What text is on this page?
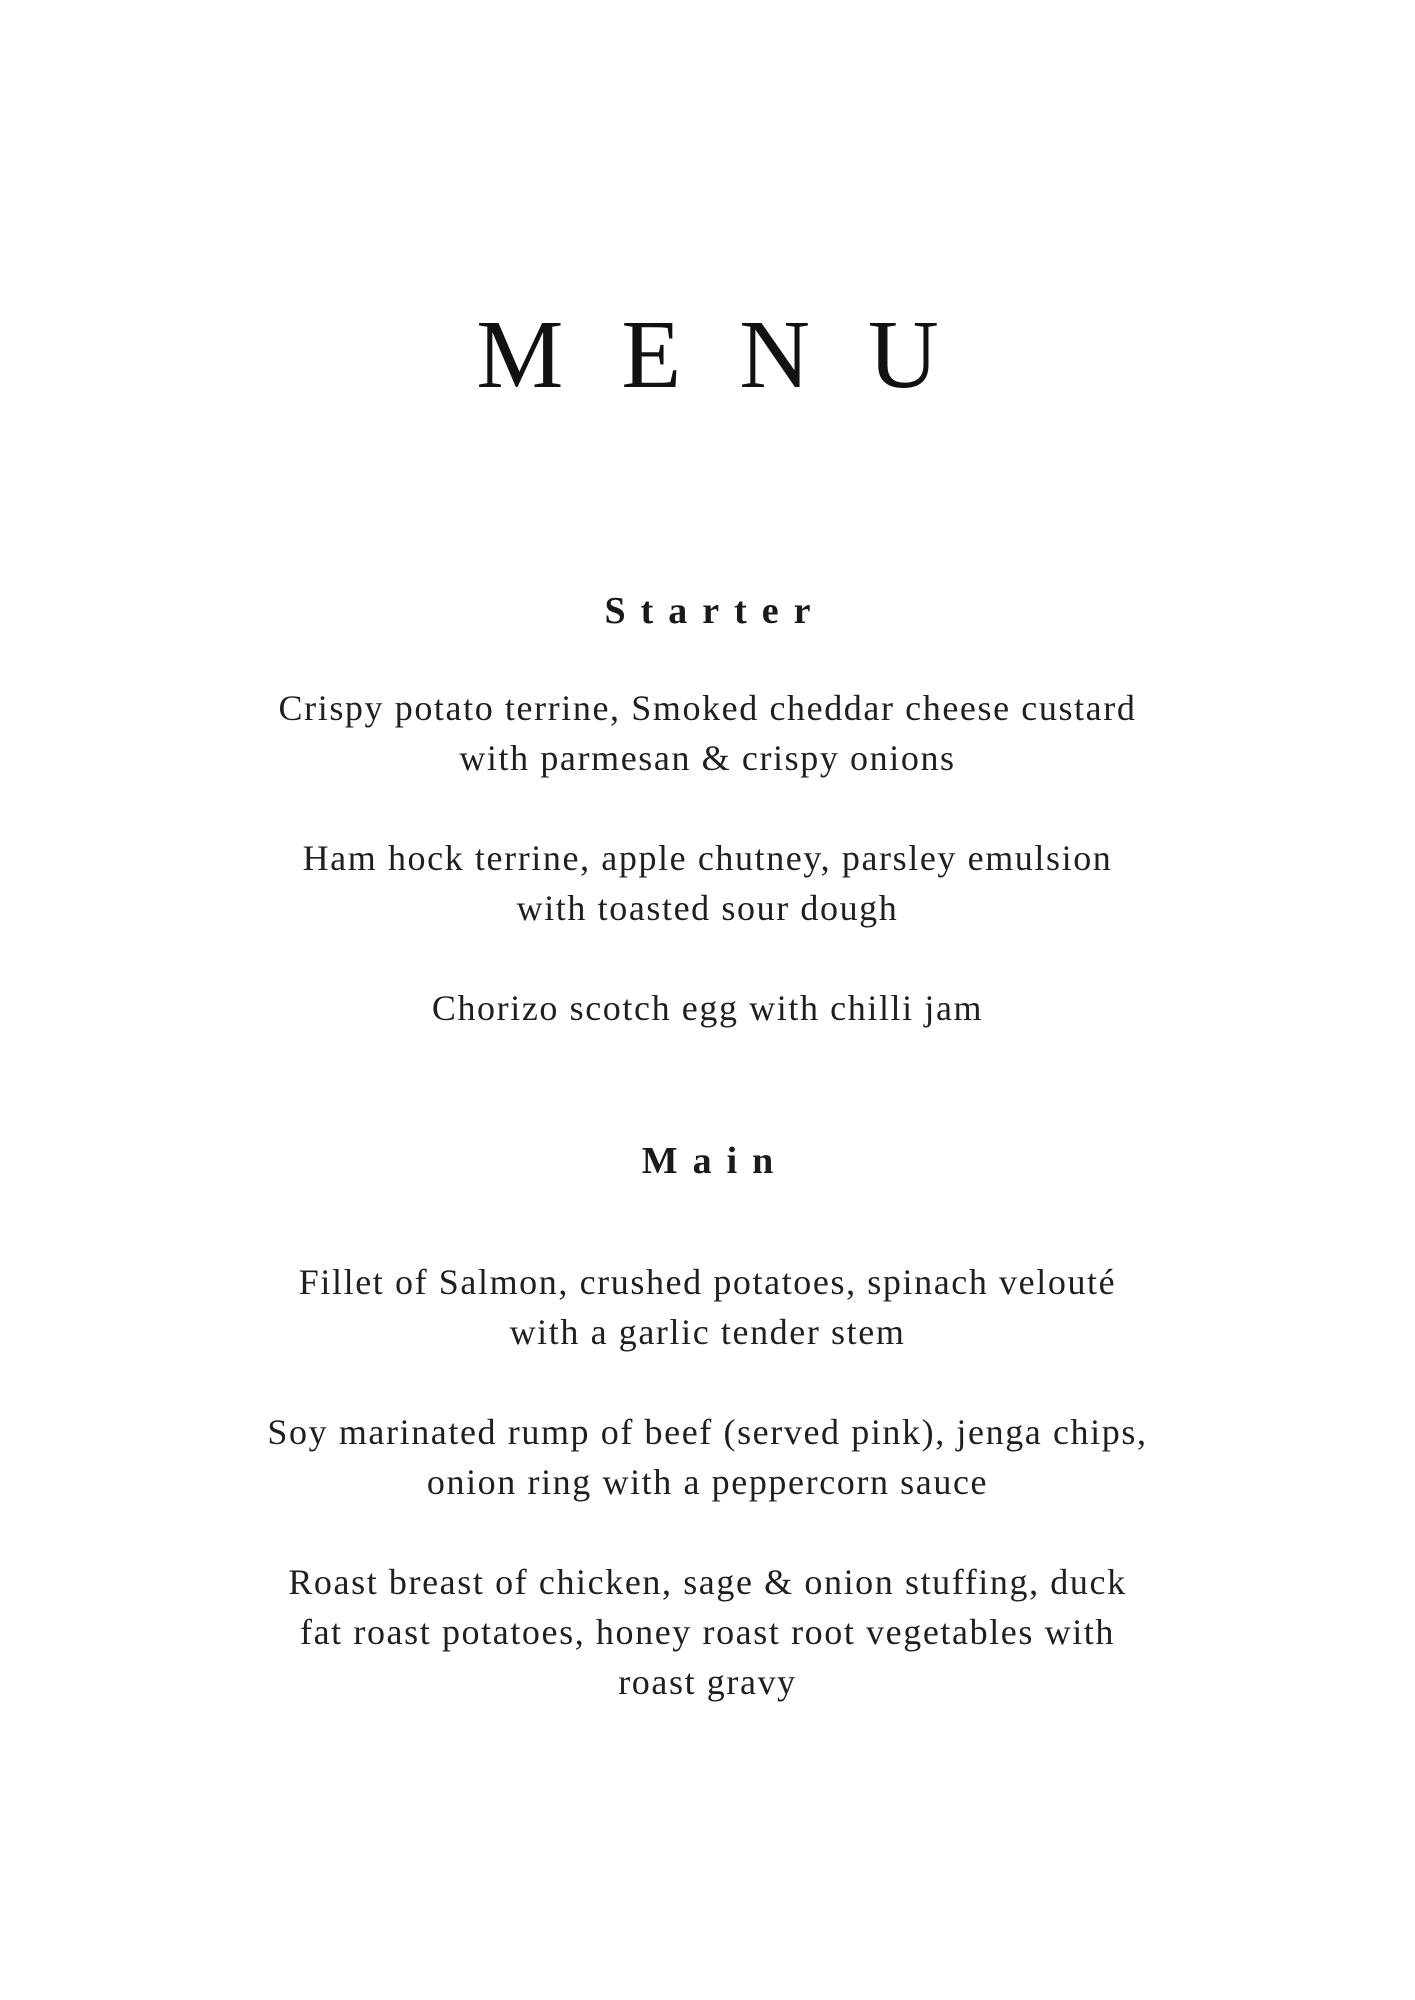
MENU
Starter

Crispy potato terrine, Smoked cheddar cheese custard
with parmesan & crispy onions

Ham hock terrine, apple chutney, parsley emulsion
with toasted sour dough

Chorizo scotch egg with chilli jam

Main

Fillet of Salmon, crushed potatoes, spinach velouté
with a garlic tender stem

Soy marinated rump of beef (served pink), jenga chips,
onion ring with a peppercorn sauce

Roast breast of chicken, sage & onion stuffing, duck
fat roast potatoes, honey roast root vegetables with
roast gravy
